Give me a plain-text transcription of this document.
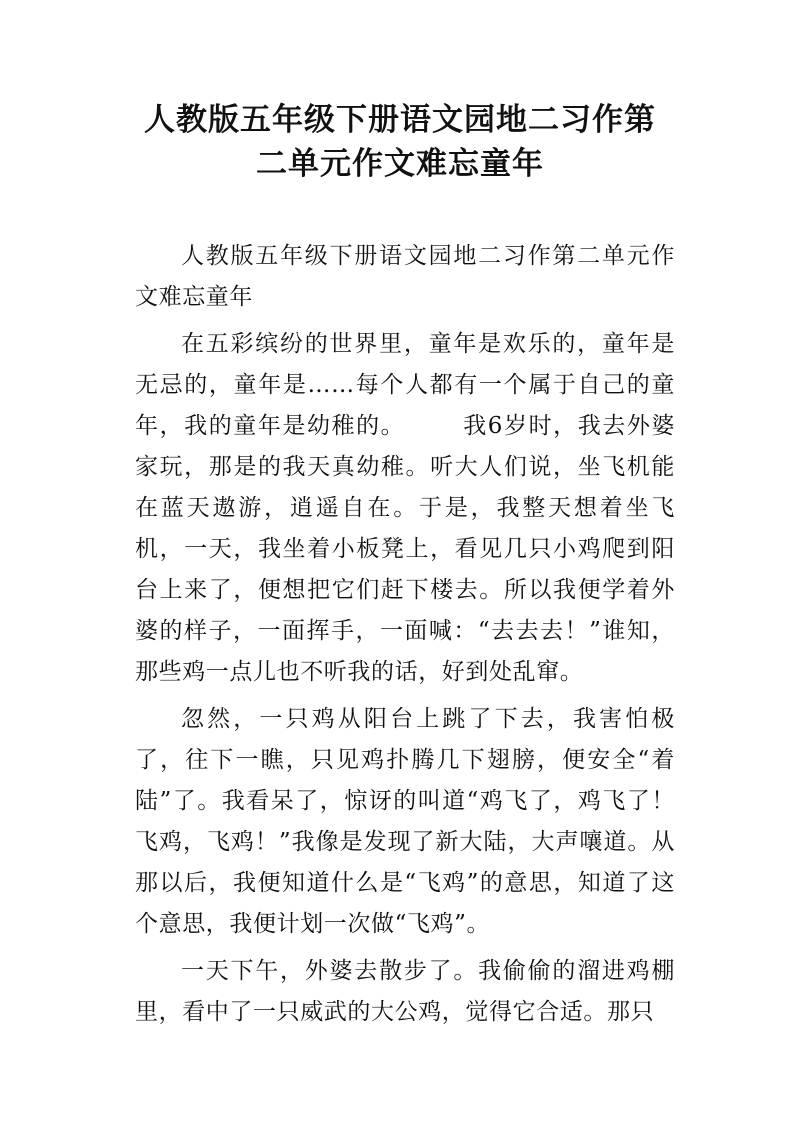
人教版五年级下册语文园地二习作第
二单元作文难忘童年

人教版五年级下册语文园地二习作第二单元作文难忘童年

在五彩缤纷的世界里，童年是欢乐的，童年是无忌的，童年是……每个人都有一个属于自己的童年，我的童年是幼稚的。 　　我6岁时，我去外婆家玩，那是的我天真幼稚。听大人们说，坐飞机能在蓝天遨游，逍遥自在。于是，我整天想着坐飞机，一天，我坐着小板凳上，看见几只小鸡爬到阳台上来了，便想把它们赶下楼去。所以我便学着外婆的样子，一面挥手，一面喊：“去去去！”谁知，那些鸡一点儿也不听我的话，好到处乱窜。

忽然，一只鸡从阳台上跳了下去，我害怕极了，往下一瞧，只见鸡扑腾几下翅膀，便安全“着陆”了。我看呆了，惊讶的叫道“鸡飞了，鸡飞了！飞鸡，飞鸡！”我像是发现了新大陆，大声嚷道。从那以后，我便知道什么是“飞鸡”的意思，知道了这个意思，我便计划一次做“飞鸡”。

一天下午，外婆去散步了。我偷偷的溜进鸡棚里，看中了一只威武的大公鸡，觉得它合适。那只
